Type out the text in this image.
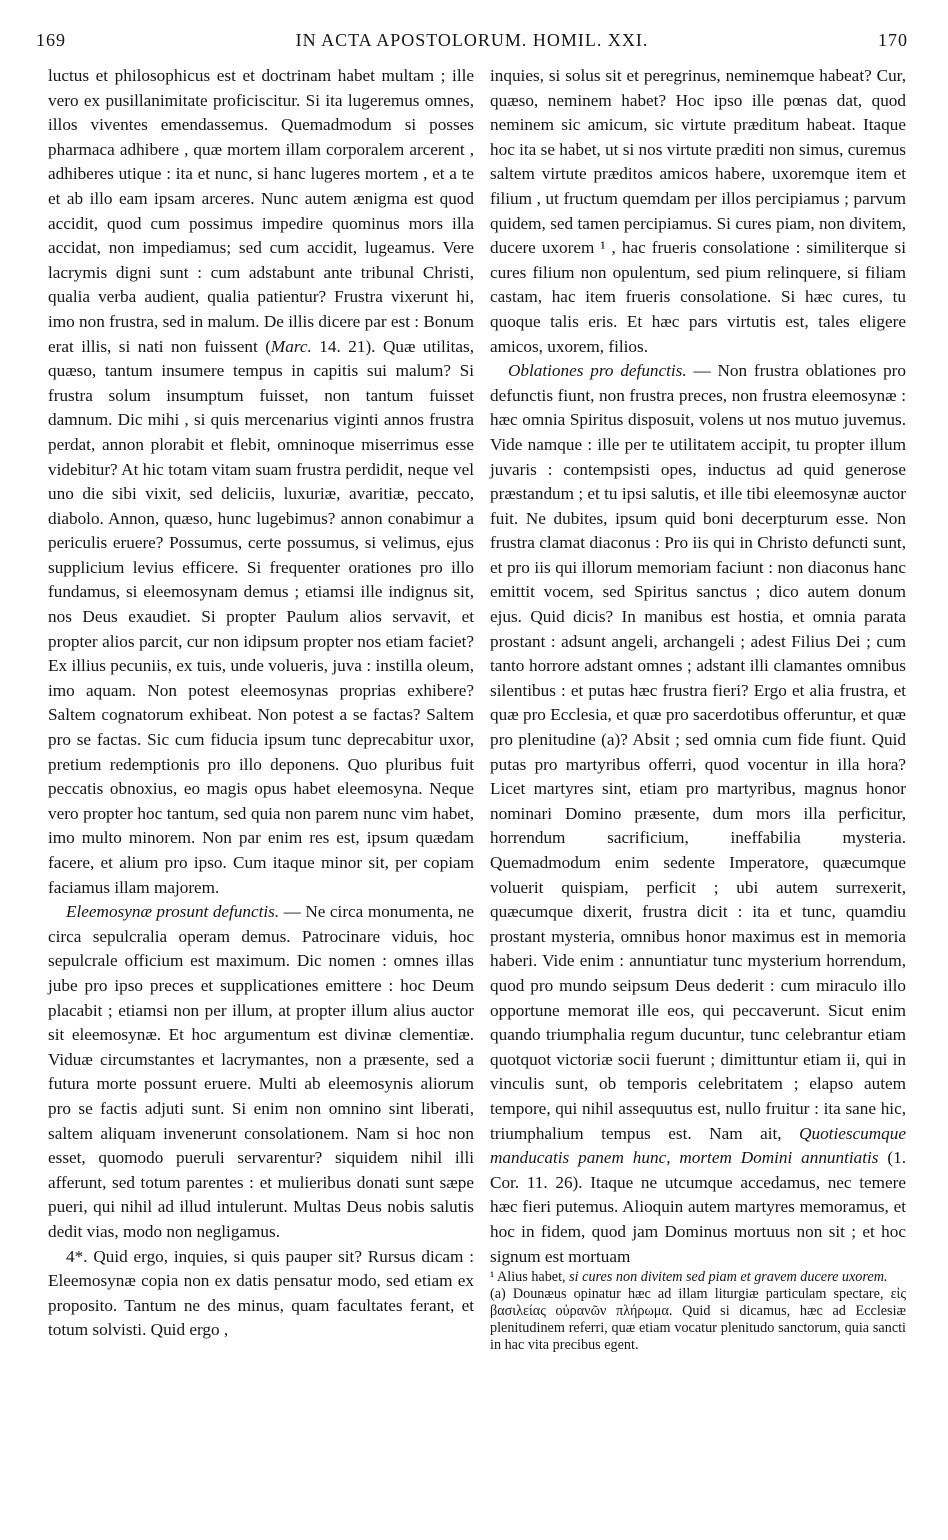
169	IN ACTA APOSTOLORUM. HOMIL. XXI.	170

luctus et philosophicus est et doctrinam habet multam ; ille vero ex pusillanimitate proficiscitur. Si ita lugeremus omnes, illos viventes emendassemus. Quemadmodum si posses pharmaca adhibere , quæ mortem illam corporalem arcerent , adhiberes utique : ita et nunc, si hanc lugeres mortem , et a te et ab illo eam ipsam arceres. Nunc autem ænigma est quod accidit, quod cum possimus impedire quominus mors illa accidat, non impediamus; sed cum accidit, lugeamus. Vere lacrymis digni sunt : cum adstabunt ante tribunal Christi, qualia verba audient, qualia patientur? Frustra vixerunt hi, imo non frustra, sed in malum. De illis dicere par est : Bonum erat illis, si nati non fuissent (Marc. 14. 21). Quæ utilitas, quæso, tantum insumere tempus in capitis sui malum? Si frustra solum insumptum fuisset, non tantum fuisset damnum. Dic mihi , si quis mercenarius viginti annos frustra perdat, annon plorabit et flebit, omninoque miserrimus esse videbitur? At hic totam vitam suam frustra perdidit, neque vel uno die sibi vixit, sed deliciis, luxuriæ, avaritiæ, peccato, diabolo. Annon, quæso, hunc lugebimus? annon conabimur a periculis eruere? Possumus, certe possumus, si velimus, ejus supplicium levius efficere. Si frequenter orationes pro illo fundamus, si eleemosynam demus ; etiamsi ille indignus sit, nos Deus exaudiet. Si propter Paulum alios servavit, et propter alios parcit, cur non idipsum propter nos etiam faciet? Ex illius pecuniis, ex tuis, unde volueris, juva : instilla oleum, imo aquam. Non potest eleemosynas proprias exhibere? Saltem cognatorum exhibeat. Non potest a se factas? Saltem pro se factas. Sic cum fiducia ipsum tunc deprecabitur uxor, pretium redemptionis pro illo deponens. Quo pluribus fuit peccatis obnoxius, eo magis opus habet eleemosyna. Neque vero propter hoc tantum, sed quia non parem nunc vim habet, imo multo minorem. Non par enim res est, ipsum quædam facere, et alium pro ipso. Cum itaque minor sit, per copiam faciamus illam majorem.

Eleemosynæ prosunt defunctis. — Ne circa monumenta, ne circa sepulcralia operam demus. Patrocinare viduis, hoc sepulcrale officium est maximum. Dic nomen : omnes illas jube pro ipso preces et supplicationes emittere : hoc Deum placabit ; etiamsi non per illum, at propter illum alius auctor sit eleemosynæ. Et hoc argumentum est divinæ clementiæ. Viduæ circumstantes et lacrymantes, non a præsente, sed a futura morte possunt eruere. Multi ab eleemosynis aliorum pro se factis adjuti sunt. Si enim non omnino sint liberati, saltem aliquam invenerunt consolationem. Nam si hoc non esset, quomodo pueruli servarentur? siquidem nihil illi afferunt, sed totum parentes : et mulieribus donati sunt sæpe pueri, qui nihil ad illud intulerunt. Multas Deus nobis salutis dedit vias, modo non negligamus.

4*. Quid ergo, inquies, si quis pauper sit? Rursus dicam : Eleemosynæ copia non ex datis pensatur modo, sed etiam ex proposito. Tantum ne des minus, quam facultates ferant, et totum solvisti. Quid ergo ,

inquies, si solus sit et peregrinus, neminemque habeat? Cur, quæso, neminem habet? Hoc ipso ille pœnas dat, quod neminem sic amicum, sic virtute præditum habeat. Itaque hoc ita se habet, ut si nos virtute præditi non simus, curemus saltem virtute præditos amicos habere, uxoremque item et filium , ut fructum quemdam per illos percipiamus ; parvum quidem, sed tamen percipiamus. Si cures piam, non divitem, ducere uxorem ¹ , hac frueris consolatione : similiterque si cures filium non opulentum, sed pium relinquere, si filiam castam, hac item frueris consolatione. Si hæc cures, tu quoque talis eris. Et hæc pars virtutis est, tales eligere amicos, uxorem, filios.

Oblationes pro defunctis. — Non frustra oblationes pro defunctis fiunt, non frustra preces, non frustra eleemosynæ : hæc omnia Spiritus disposuit, volens ut nos mutuo juvemus. Vide namque : ille per te utilitatem accipit, tu propter illum juvaris : contempsisti opes, inductus ad quid generose præstandum ; et tu ipsi salutis, et ille tibi eleemosynæ auctor fuit. Ne dubites, ipsum quid boni decerpturum esse. Non frustra clamat diaconus : Pro iis qui in Christo defuncti sunt, et pro iis qui illorum memoriam faciunt : non diaconus hanc emittit vocem, sed Spiritus sanctus ; dico autem donum ejus. Quid dicis? In manibus est hostia, et omnia parata prostant : adsunt angeli, archangeli ; adest Filius Dei ; cum tanto horrore adstant omnes ; adstant illi clamantes omnibus silentibus : et putas hæc frustra fieri? Ergo et alia frustra, et quæ pro Ecclesia, et quæ pro sacerdotibus offeruntur, et quæ pro plenitudine (a)? Absit ; sed omnia cum fide fiunt. Quid putas pro martyribus offerri, quod vocentur in illa hora? Licet martyres sint, etiam pro martyribus, magnus honor nominari Domino præsente, dum mors illa perficitur, horrendum sacrificium, ineffabilia mysteria. Quemadmodum enim sedente Imperatore, quæcumque voluerit quispiam, perficit ; ubi autem surrexerit, quæcumque dixerit, frustra dicit : ita et tunc, quamdiu prostant mysteria, omnibus honor maximus est in memoria haberi. Vide enim : annuntiatur tunc mysterium horrendum, quod pro mundo seipsum Deus dederit : cum miraculo illo opportune memorat ille eos, qui peccaverunt. Sicut enim quando triumphalia regum ducuntur, tunc celebrantur etiam quotquot victoriæ socii fuerunt ; dimittuntur etiam ii, qui in vinculis sunt, ob temporis celebritatem ; elapso autem tempore, qui nihil assequutus est, nullo fruitur : ita sane hic, triumphalium tempus est. Nam ait, Quotiescumque manducatis panem hunc, mortem Domini annuntiatis (1. Cor. 11. 26). Itaque ne utcumque accedamus, nec temere hæc fieri putemus. Alioquin autem martyres memoramus, et hoc in fidem, quod jam Dominus mortuus non sit ; et hoc signum est mortuam

¹ Alius habet, si cures non divitem sed piam et gravem ducere uxorem.

(a) Dounæus opinatur hæc ad illam liturgiæ particulam spectare, εἰς βασιλείας οὐρανῶν πλήρωμα. Quid si dicamus, hæc ad Ecclesiæ plenitudinem referri, quæ etiam vocatur plenitudo sanctorum, quia sancti in hac vita precibus egent.
